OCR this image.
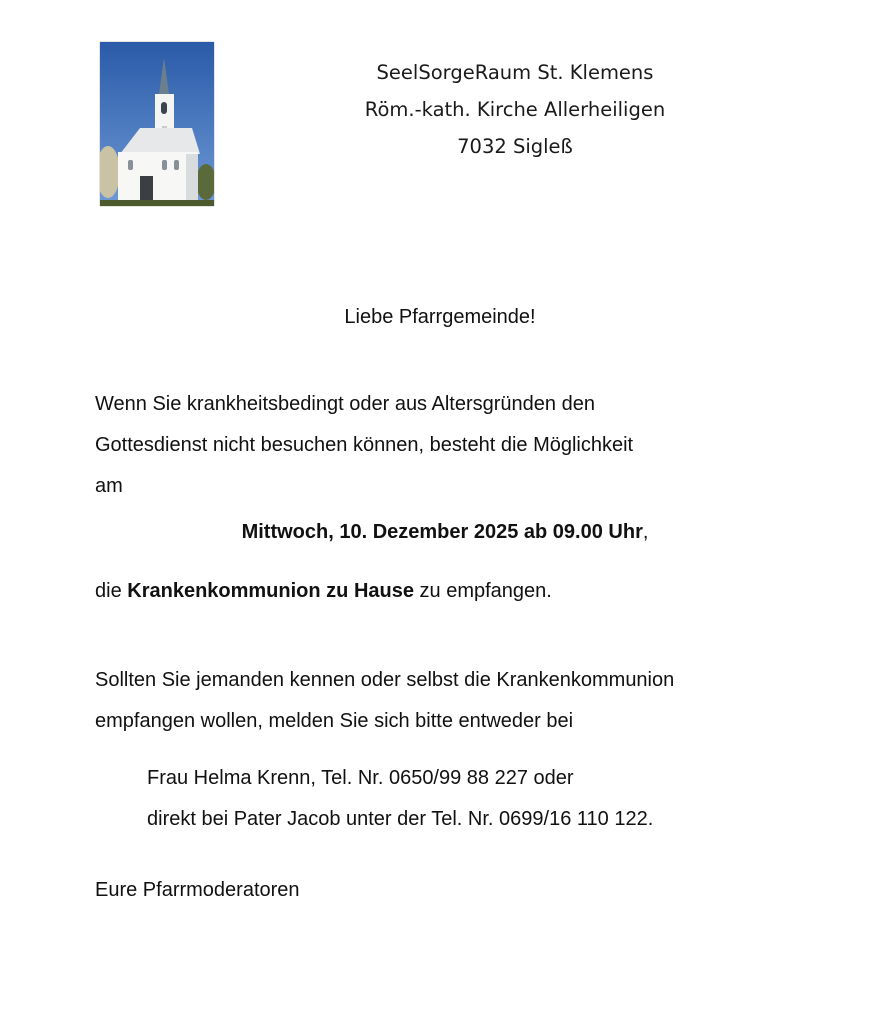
SeelSorgeRaum St. Klemens
Röm.-kath. Kirche Allerheiligen
7032 Sigleß
Liebe Pfarrgemeinde!
Wenn Sie krankheitsbedingt oder aus Altersgründen den
Gottesdienst nicht besuchen können, besteht die Möglichkeit
am
Mittwoch, 10. Dezember 2025 ab 09.00 Uhr,
die Krankenkommunion zu Hause zu empfangen.
Sollten Sie jemanden kennen oder selbst die Krankenkommunion
empfangen wollen, melden Sie sich bitte entweder bei
Frau Helma Krenn, Tel. Nr. 0650/99 88 227 oder
direkt bei Pater Jacob unter der Tel. Nr. 0699/16 110 122.
Eure Pfarrmoderatoren
